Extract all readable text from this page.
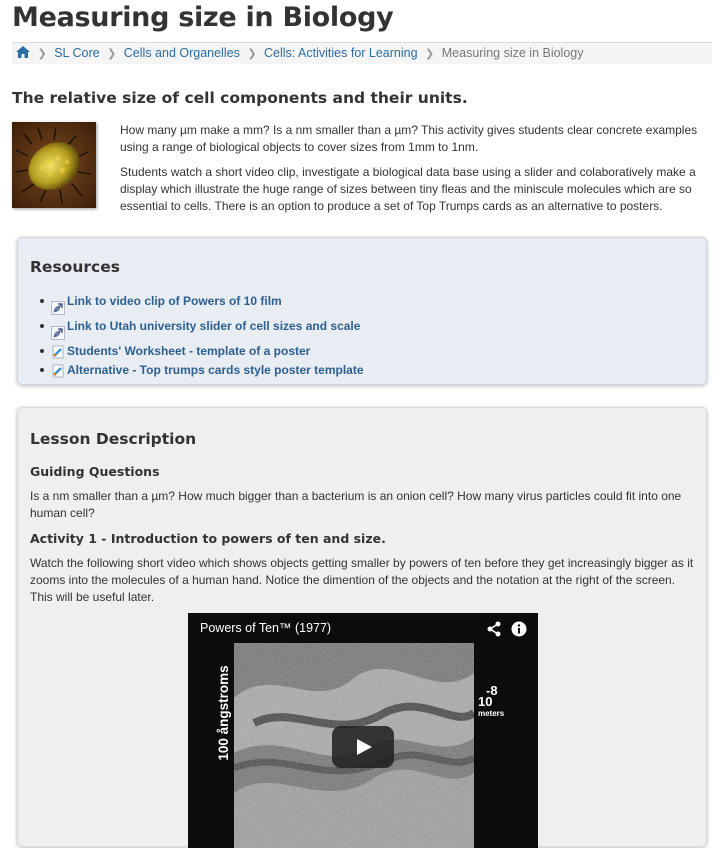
Measuring size in Biology
❯ SL Core ❯ Cells and Organelles ❯ Cells: Activities for Learning ❯ Measuring size in Biology
The relative size of cell components and their units.

How many µm make a mm? Is a nm smaller than a µm? This activity gives students clear concrete examples using a range of biological objects to cover sizes from 1mm to 1nm.

Students watch a short video clip, investigate a biological data base using a slider and colaboratively make a display which illustrate the huge range of sizes between tiny fleas and the miniscule molecules which are so essential to cells. There is an option to produce a set of Top Trumps cards as an alternative to posters.

Resources
Link to video clip of Powers of 10 film
Link to Utah university slider of cell sizes and scale
Students' Worksheet - template of a poster
Alternative - Top trumps cards style poster template
Lesson Description
Guiding Questions

Is a nm smaller than a µm? How much bigger than a bacterium is an onion cell? How many virus particles could fit into one human cell?

Activity 1 - Introduction to powers of ten and size.

Watch the following short video which shows objects getting smaller by powers of ten before they get increasingly bigger as it zooms into the molecules of a human hand. Notice the dimention of the objects and the notation at the right of the screen. This will be useful later.

Powers of Ten™ (1977)
100 ångstroms	-8
10
meters
